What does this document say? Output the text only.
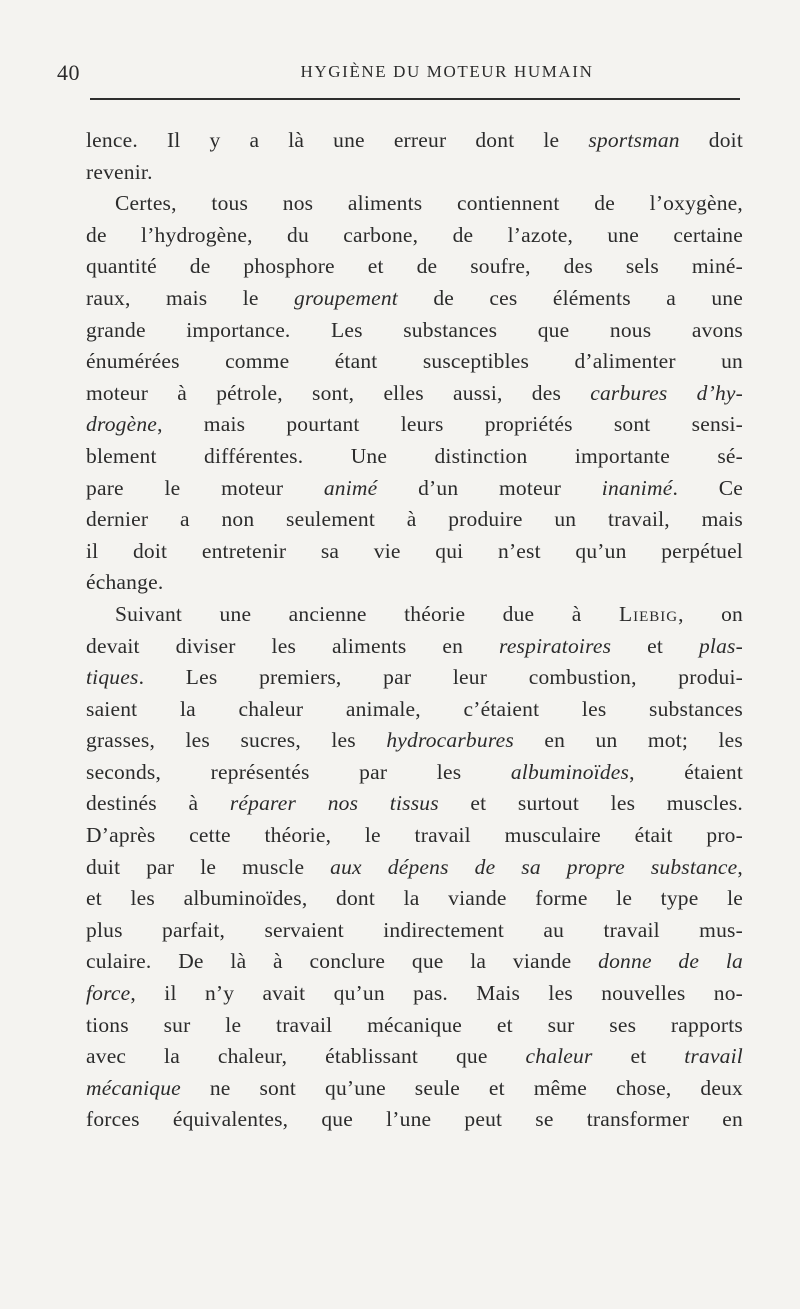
40	HYGIÈNE DU MOTEUR HUMAIN
lence. Il y a là une erreur dont le sportsman doit
revenir.
Certes, tous nos aliments contiennent de l’oxygène,
de l’hydrogène, du carbone, de l’azote, une certaine
quantité de phosphore et de soufre, des sels miné-
raux, mais le groupement de ces éléments a une
grande importance. Les substances que nous avons
énumérées comme étant susceptibles d’alimenter un
moteur à pétrole, sont, elles aussi, des carbures d’hy-
drogène, mais pourtant leurs propriétés sont sensi-
blement différentes. Une distinction importante sé-
pare le moteur animé d’un moteur inanimé. Ce
dernier a non seulement à produire un travail, mais
il doit entretenir sa vie qui n’est qu’un perpétuel
échange.
Suivant une ancienne théorie due à Liebig, on
devait diviser les aliments en respiratoires et plas-
tiques. Les premiers, par leur combustion, produi-
saient la chaleur animale, c’étaient les substances
grasses, les sucres, les hydrocarbures en un mot; les
seconds, représentés par les albuminoïdes, étaient
destinés à réparer nos tissus et surtout les muscles.
D’après cette théorie, le travail musculaire était pro-
duit par le muscle aux dépens de sa propre substance,
et les albuminoïdes, dont la viande forme le type le
plus parfait, servaient indirectement au travail mus-
culaire. De là à conclure que la viande donne de la
force, il n’y avait qu’un pas. Mais les nouvelles no-
tions sur le travail mécanique et sur ses rapports
avec la chaleur, établissant que chaleur et travail
mécanique ne sont qu’une seule et même chose, deux
forces équivalentes, que l’une peut se transformer en
